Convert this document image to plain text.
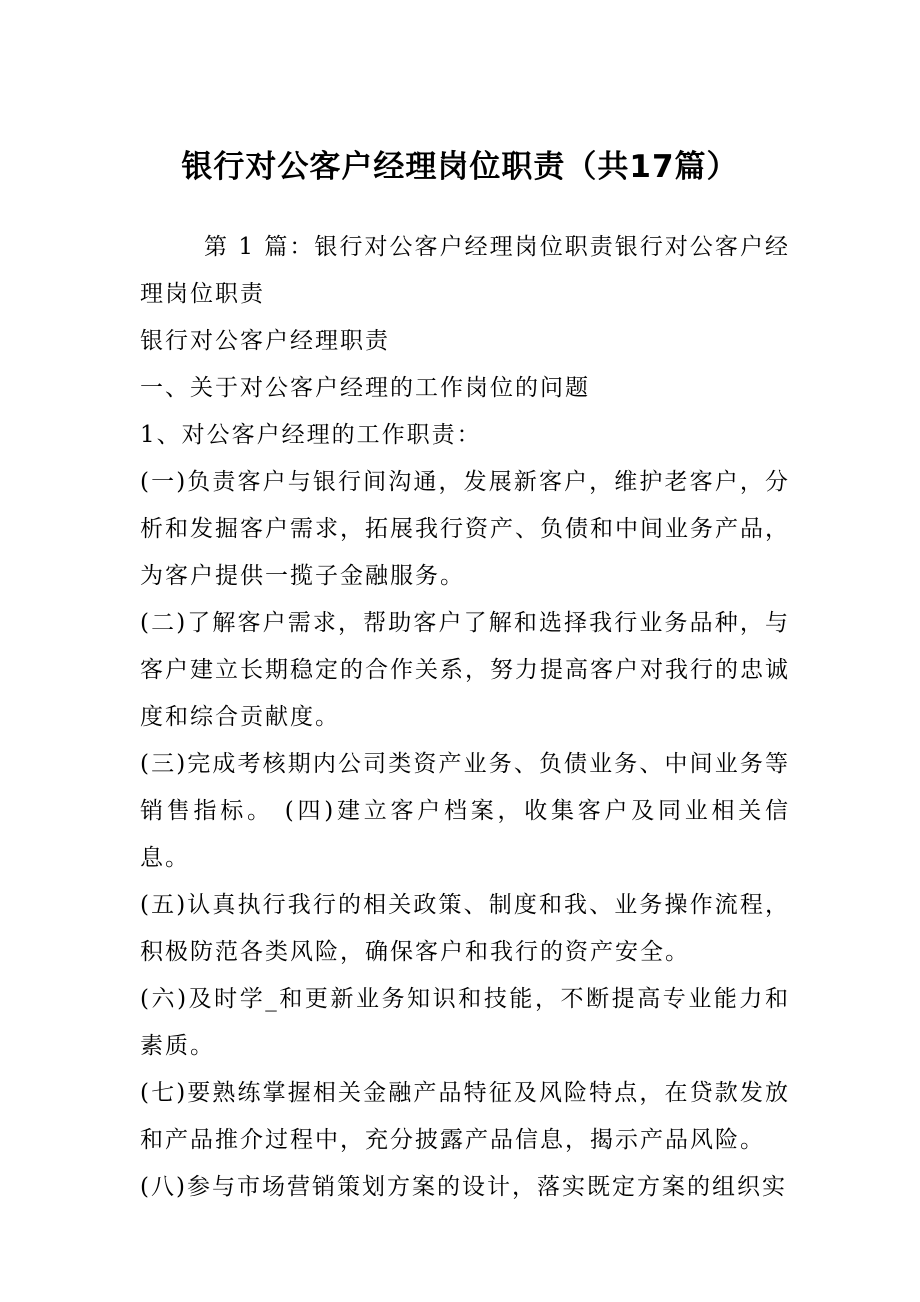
银行对公客户经理岗位职责（共17篇）

第 1 篇：银行对公客户经理岗位职责银行对公客户经理岗位职责

银行对公客户经理职责

一、关于对公客户经理的工作岗位的问题

1、对公客户经理的工作职责：

(一)负责客户与银行间沟通，发展新客户，维护老客户，分析和发掘客户需求，拓展我行资产、负债和中间业务产品，为客户提供一揽子金融服务。

(二)了解客户需求，帮助客户了解和选择我行业务品种，与客户建立长期稳定的合作关系，努力提高客户对我行的忠诚度和综合贡献度。

(三)完成考核期内公司类资产业务、负债业务、中间业务等销售指标。 (四)建立客户档案，收集客户及同业相关信息。

(五)认真执行我行的相关政策、制度和我、业务操作流程，积极防范各类风险，确保客户和我行的资产安全。

(六)及时学_和更新业务知识和技能，不断提高专业能力和素质。

(七)要熟练掌握相关金融产品特征及风险特点，在贷款发放和产品推介过程中，充分披露产品信息，揭示产品风险。

(八)参与市场营销策划方案的设计，落实既定方案的组织实
